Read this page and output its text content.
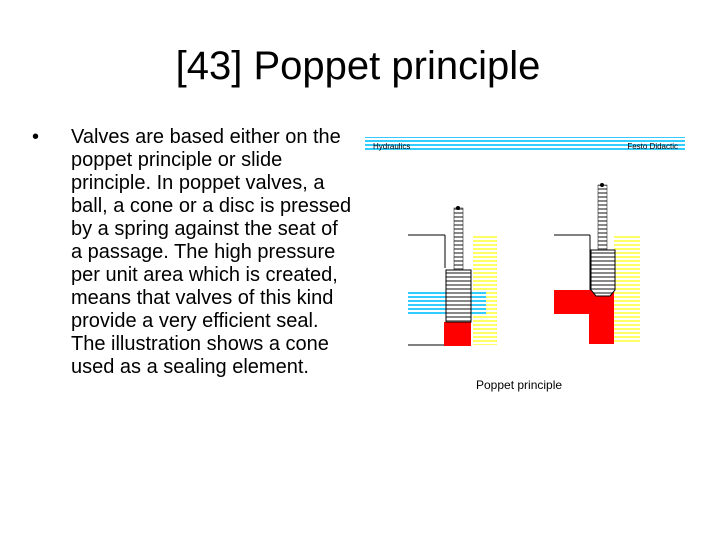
[43] Poppet principle
• Valves are based either on the poppet principle or slide principle. In poppet valves, a ball, a cone or a disc is pressed by a spring against the seat of a passage. The high pressure per unit area which is created, means that valves of this kind provide a very efficient seal. The illustration shows a cone used as a sealing element.
Hydraulics	Festo Didactic
Poppet principle
